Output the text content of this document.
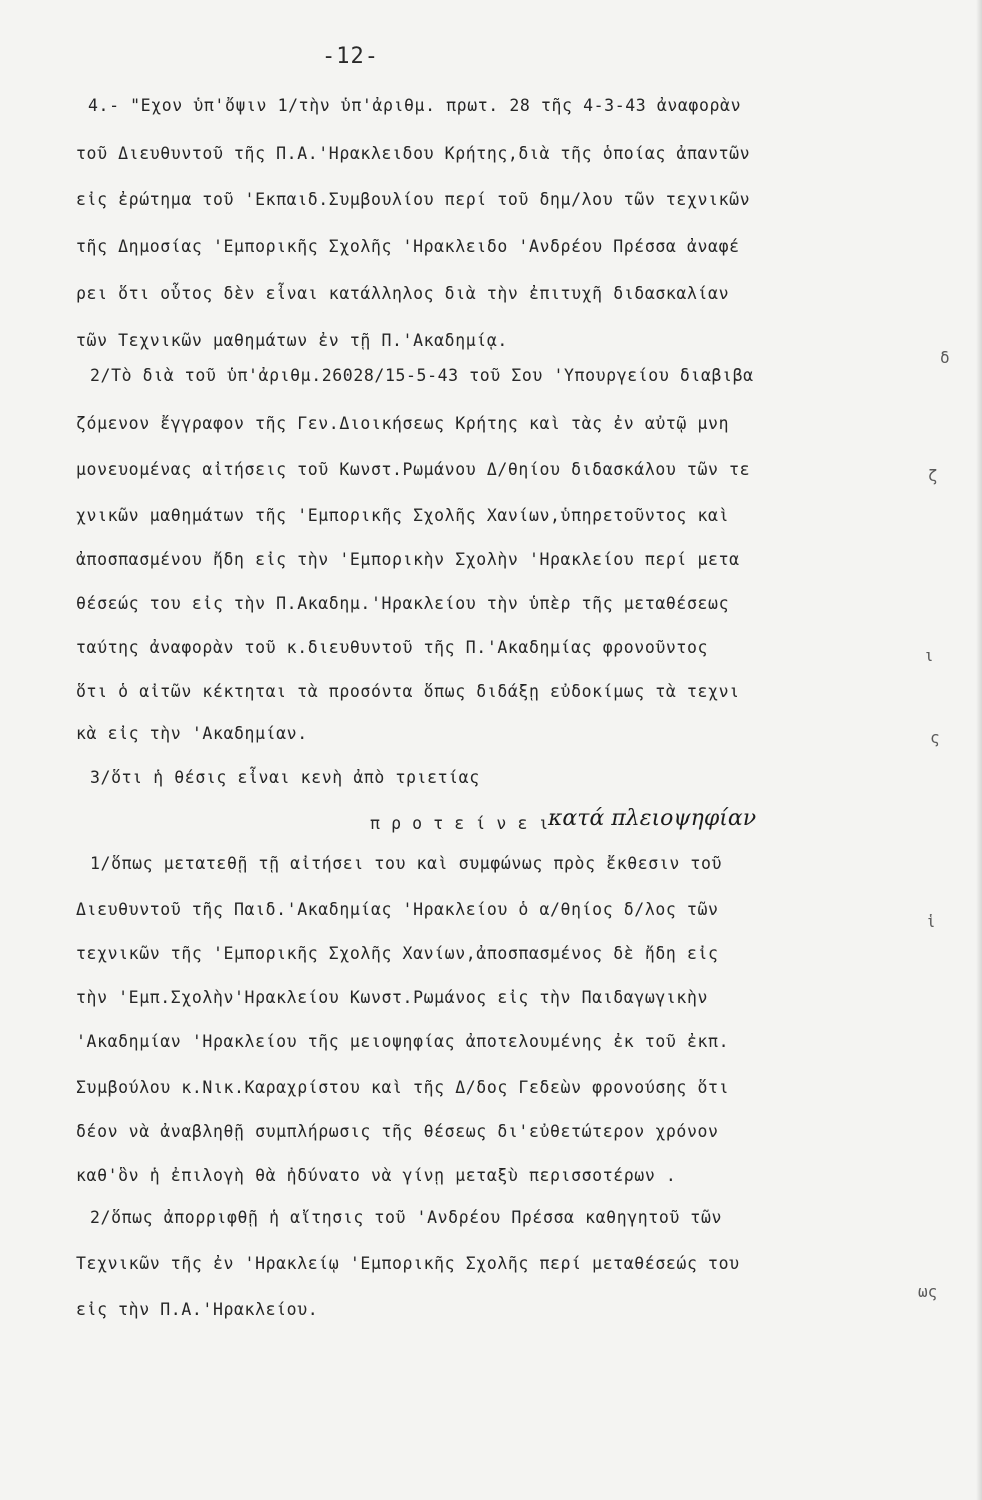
-12-
4.- "Εχον ὑπ'ὄψιν 1/τὴν ὑπ'ἀριθμ. πρωτ. 28 τῆς 4-3-43 ἀναφορὰν
τοῦ Διευθυντοῦ τῆς Π.Α.'Ηρακλειδου Κρήτης,διὰ τῆς ὁποίας ἀπαντῶν
εἰς ἐρώτημα τοῦ 'Εκπαιδ.Συμβουλίου περί τοῦ δημ/λου τῶν τεχνικῶν
τῆς Δημοσίας 'Εμπορικῆς Σχολῆς 'Ηρακλειδο 'Ανδρέου Πρέσσα ἀναφέ
ρει ὅτι οὗτος δὲν εἶναι κατάλληλος διὰ τὴν ἐπιτυχῆ διδασκαλίαν
τῶν Τεχνικῶν μαθημάτων ἐν τῇ Π.'Ακαδημίᾳ.
2/Τὸ διὰ τοῦ ὑπ'ἀριθμ.26028/15-5-43 τοῦ Σου 'Υπουργείου διαβιβα
ζόμενον ἔγγραφον τῆς Γεν.Διοικήσεως Κρήτης καὶ τὰς ἐν αὐτῷ μνη
μονευομένας αἰτήσεις τοῦ Κωνστ.Ρωμάνου Δ/θηίου διδασκάλου τῶν τε
χνικῶν μαθημάτων τῆς 'Εμπορικῆς Σχολῆς Χανίων,ὑπηρετοῦντος καὶ
ἀποσπασμένου ἤδη εἰς τὴν 'Εμπορικὴν Σχολὴν 'Ηρακλείου περί μετα
θέσεώς του εἰς τὴν Π.Ακαδημ.'Ηρακλείου τὴν ὑπὲρ τῆς μεταθέσεως
ταύτης ἀναφορὰν τοῦ κ.διευθυντοῦ τῆς Π.'Ακαδημίας φρονοῦντος
ὅτι ὁ αἰτῶν κέκτηται τὰ προσόντα ὅπως διδάξῃ εὐδοκίμως τὰ τεχνι
κὰ εἰς τὴν 'Ακαδημίαν.
3/ὅτι ἡ θέσις εἶναι κενὴ ἀπὸ τριετίας
π ρ ο τ ε ί ν ε ι
κατά πλειοψηφίαν
1/ὅπως μετατεθῇ τῇ αἰτήσει του καὶ συμφώνως πρὸς ἔκθεσιν τοῦ
Διευθυντοῦ τῆς Παιδ.'Ακαδημίας 'Ηρακλείου ὁ α/θηίος δ/λος τῶν
τεχνικῶν τῆς 'Εμπορικῆς Σχολῆς Χανίων,ἀποσπασμένος δὲ ἤδη εἰς
τὴν 'Εμπ.Σχολὴν'Ηρακλείου Κωνστ.Ρωμάνος εἰς τὴν Παιδαγωγικὴν
'Ακαδημίαν 'Ηρακλείου τῆς μειοψηφίας ἀποτελουμένης ἐκ τοῦ ἐκπ.
Συμβούλου κ.Νικ.Καραχρίστου καὶ τῆς Δ/δος Γεδεὼν φρονούσης ὅτι
δέον νὰ ἀναβληθῇ συμπλήρωσις τῆς θέσεως δι'εὐθετώτερον χρόνον
καθ'ὃν ἡ ἐπιλογὴ θὰ ἠδύνατο νὰ γίνῃ μεταξὺ περισσοτέρων .
2/ὅπως ἀπορριφθῇ ἡ αἴτησις τοῦ 'Ανδρέου Πρέσσα καθηγητοῦ τῶν
Τεχνικῶν τῆς ἐν 'Ηρακλείῳ 'Εμπορικῆς Σχολῆς περί μεταθέσεώς του
εἰς τὴν Π.Α.'Ηρακλείου.
δ
ζ
ι
ς
ἱ
ως
